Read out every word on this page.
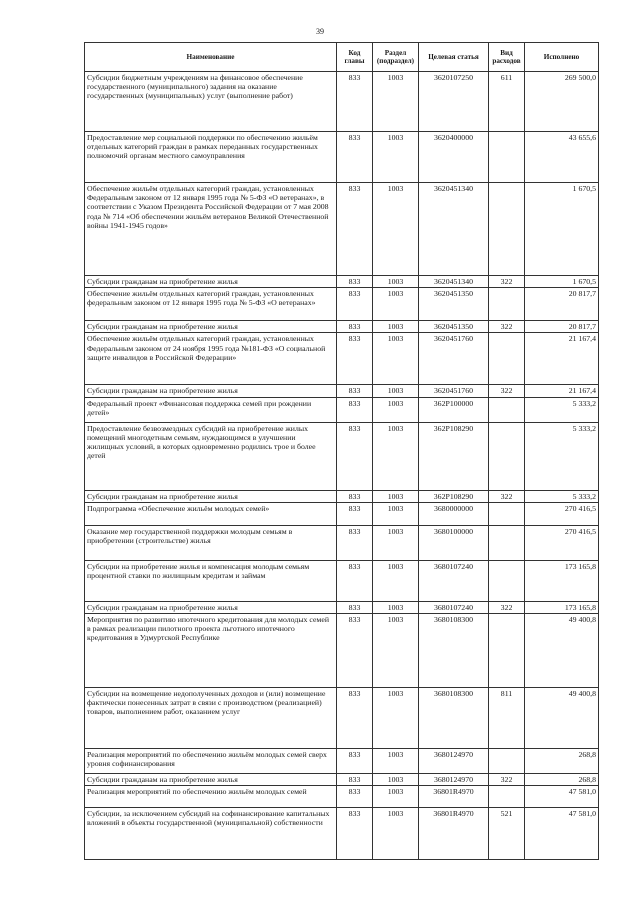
39
Наименование	Код главы	Раздел (подраздел)	Целевая статья	Вид расходов	Исполнено
Субсидии бюджетным учреждениям на финансовое обеспечение государственного (муниципального) задания на оказание государственных (муниципальных) услуг (выполнение работ)	833	1003	3620107250	611	269 500,0
Предоставление мер социальной поддержки по обеспечению жильём отдельных категорий граждан в рамках переданных государственных полномочий органам местного самоуправления	833	1003	3620400000		43 655,6
Обеспечение жильём отдельных категорий граждан, установленных Федеральным законом от 12 января 1995 года № 5-ФЗ «О ветеранах», в соответствии с Указом Президента Российской Федерации от 7 мая 2008 года № 714 «Об обеспечении жильём ветеранов Великой Отечественной войны 1941-1945 годов»	833	1003	3620451340		1 670,5
Субсидии гражданам на приобретение жилья	833	1003	3620451340	322	1 670,5
Обеспечение жильём отдельных категорий граждан, установленных федеральным законом от 12 января 1995 года № 5-ФЗ «О ветеранах»	833	1003	3620451350		20 817,7
Субсидии гражданам на приобретение жилья	833	1003	3620451350	322	20 817,7
Обеспечение жильём отдельных категорий граждан, установленных Федеральным законом от 24 ноября 1995 года №181-ФЗ «О социальной защите инвалидов в Российской Федерации»	833	1003	3620451760		21 167,4
Субсидии гражданам на приобретение жилья	833	1003	3620451760	322	21 167,4
Федеральный проект «Финансовая поддержка семей при рождении детей»	833	1003	362P100000		5 333,2
Предоставление безвозмездных субсидий на приобретение жилых помещений многодетным семьям, нуждающимся в улучшении жилищных условий, в которых одновременно родились трое и более детей	833	1003	362P108290		5 333,2
Субсидии гражданам на приобретение жилья	833	1003	362P108290	322	5 333,2
Подпрограмма «Обеспечение жильём молодых семей»	833	1003	3680000000		270 416,5
Оказание мер государственной поддержки молодым семьям в приобретении (строительстве) жилья	833	1003	3680100000		270 416,5
Субсидии на приобретение жилья и компенсация молодым семьям процентной ставки по жилищным кредитам и займам	833	1003	3680107240		173 165,8
Субсидии гражданам на приобретение жилья	833	1003	3680107240	322	173 165,8
Мероприятия по развитию ипотечного кредитования для молодых семей в рамках реализации пилотного проекта льготного ипотечного кредитования в Удмуртской Республике	833	1003	3680108300		49 400,8
Субсидии на возмещение недополученных доходов и (или) возмещение фактически понесенных затрат в связи с производством (реализацией) товаров, выполнением работ, оказанием услуг	833	1003	3680108300	811	49 400,8
Реализация мероприятий по обеспечению жильём молодых семей сверх уровня софинансирования	833	1003	3680124970		268,8
Субсидии гражданам на приобретение жилья	833	1003	3680124970	322	268,8
Реализация мероприятий по обеспечению жильём молодых семей	833	1003	36801R4970		47 581,0
Субсидии, за исключением субсидий на софинансирование капитальных вложений в объекты государственной (муниципальной) собственности	833	1003	36801R4970	521	47 581,0
